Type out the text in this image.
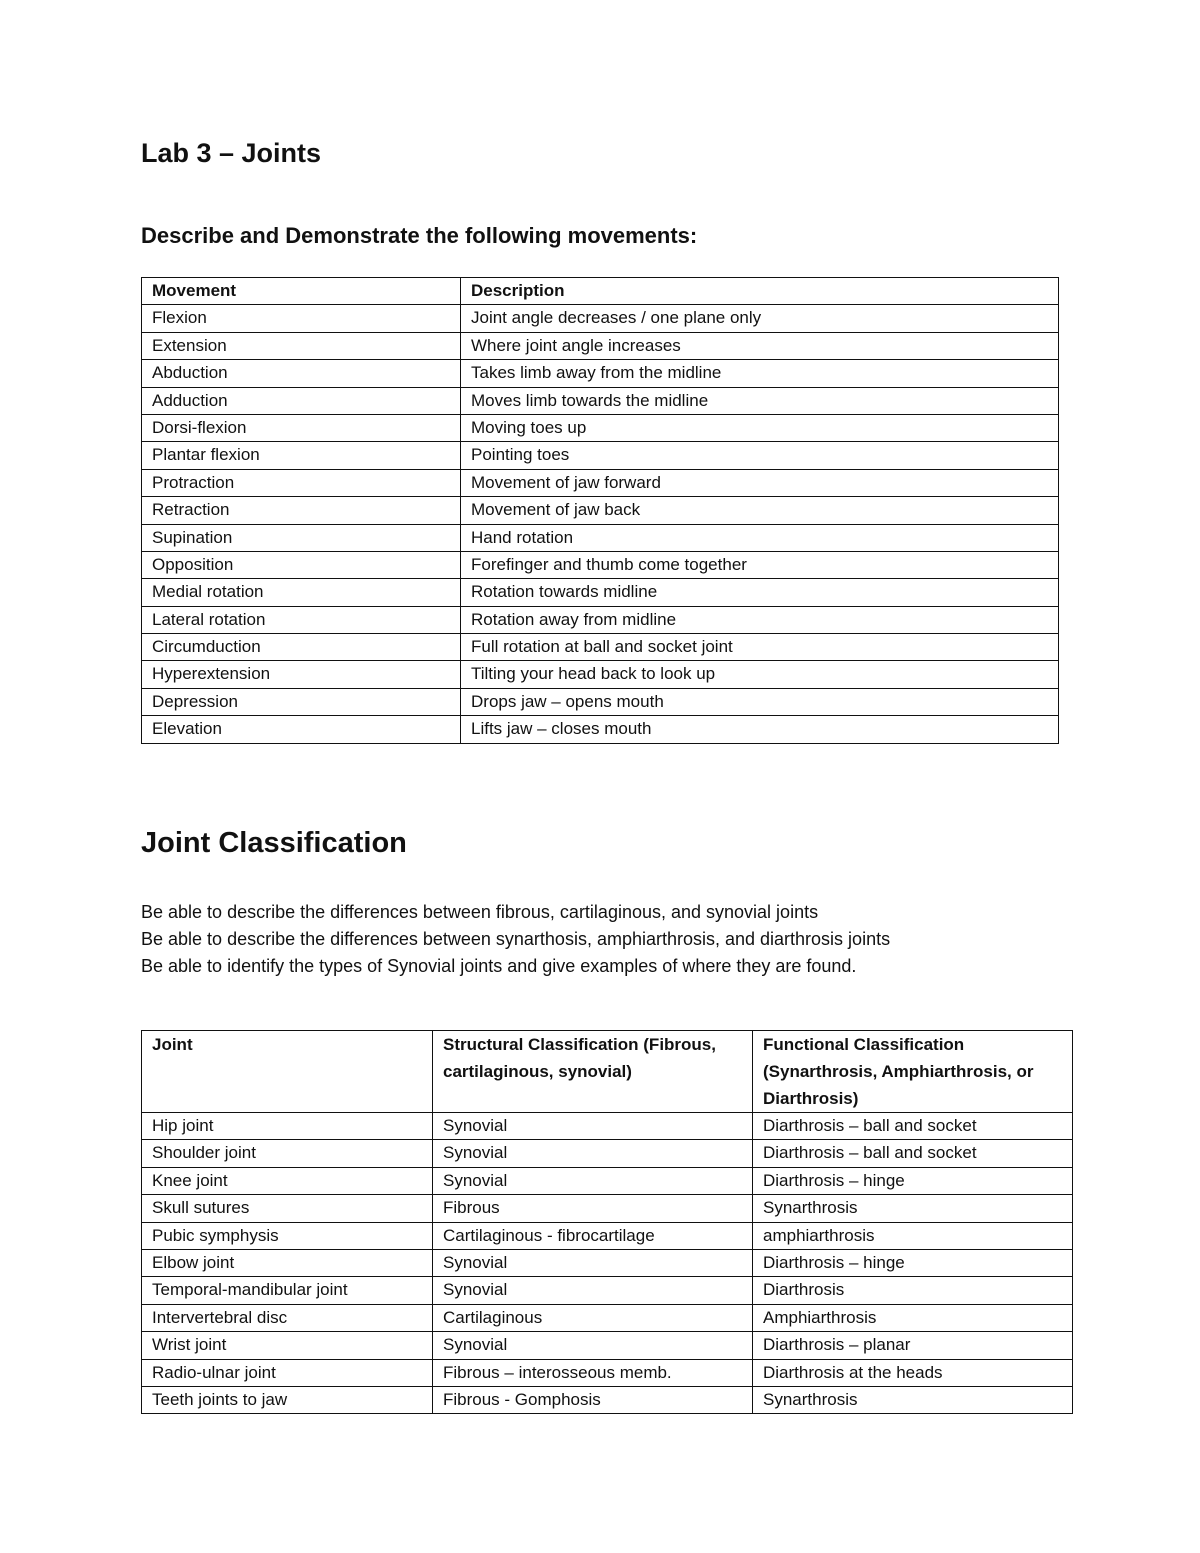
Lab 3 – Joints
Describe and Demonstrate the following movements:
Movement	Description
Flexion	Joint angle decreases / one plane only
Extension	Where joint angle increases
Abduction	Takes limb away from the midline
Adduction	Moves limb towards the midline
Dorsi-flexion	Moving toes up
Plantar flexion	Pointing toes
Protraction	Movement of jaw forward
Retraction	Movement of jaw back
Supination	Hand rotation
Opposition	Forefinger and thumb come together
Medial rotation	Rotation towards midline
Lateral rotation	Rotation away from midline
Circumduction	Full rotation at ball and socket joint
Hyperextension	Tilting your head back to look up
Depression	Drops jaw – opens mouth
Elevation	Lifts jaw – closes mouth
Joint Classification
Be able to describe the differences between fibrous, cartilaginous, and synovial joints
Be able to describe the differences between synarthosis, amphiarthrosis, and diarthrosis joints
Be able to identify the types of Synovial joints and give examples of where they are found.
Joint	Structural Classification (Fibrous, cartilaginous, synovial)	Functional Classification (Synarthrosis, Amphiarthrosis, or Diarthrosis)
Hip joint	Synovial	Diarthrosis – ball and socket
Shoulder joint	Synovial	Diarthrosis – ball and socket
Knee joint	Synovial	Diarthrosis – hinge
Skull sutures	Fibrous	Synarthrosis
Pubic symphysis	Cartilaginous - fibrocartilage	amphiarthrosis
Elbow joint	Synovial	Diarthrosis – hinge
Temporal-mandibular joint	Synovial	Diarthrosis
Intervertebral disc	Cartilaginous	Amphiarthrosis
Wrist joint	Synovial	Diarthrosis – planar
Radio-ulnar joint	Fibrous – interosseous memb.	Diarthrosis at the heads
Teeth joints to jaw	Fibrous - Gomphosis	Synarthrosis
